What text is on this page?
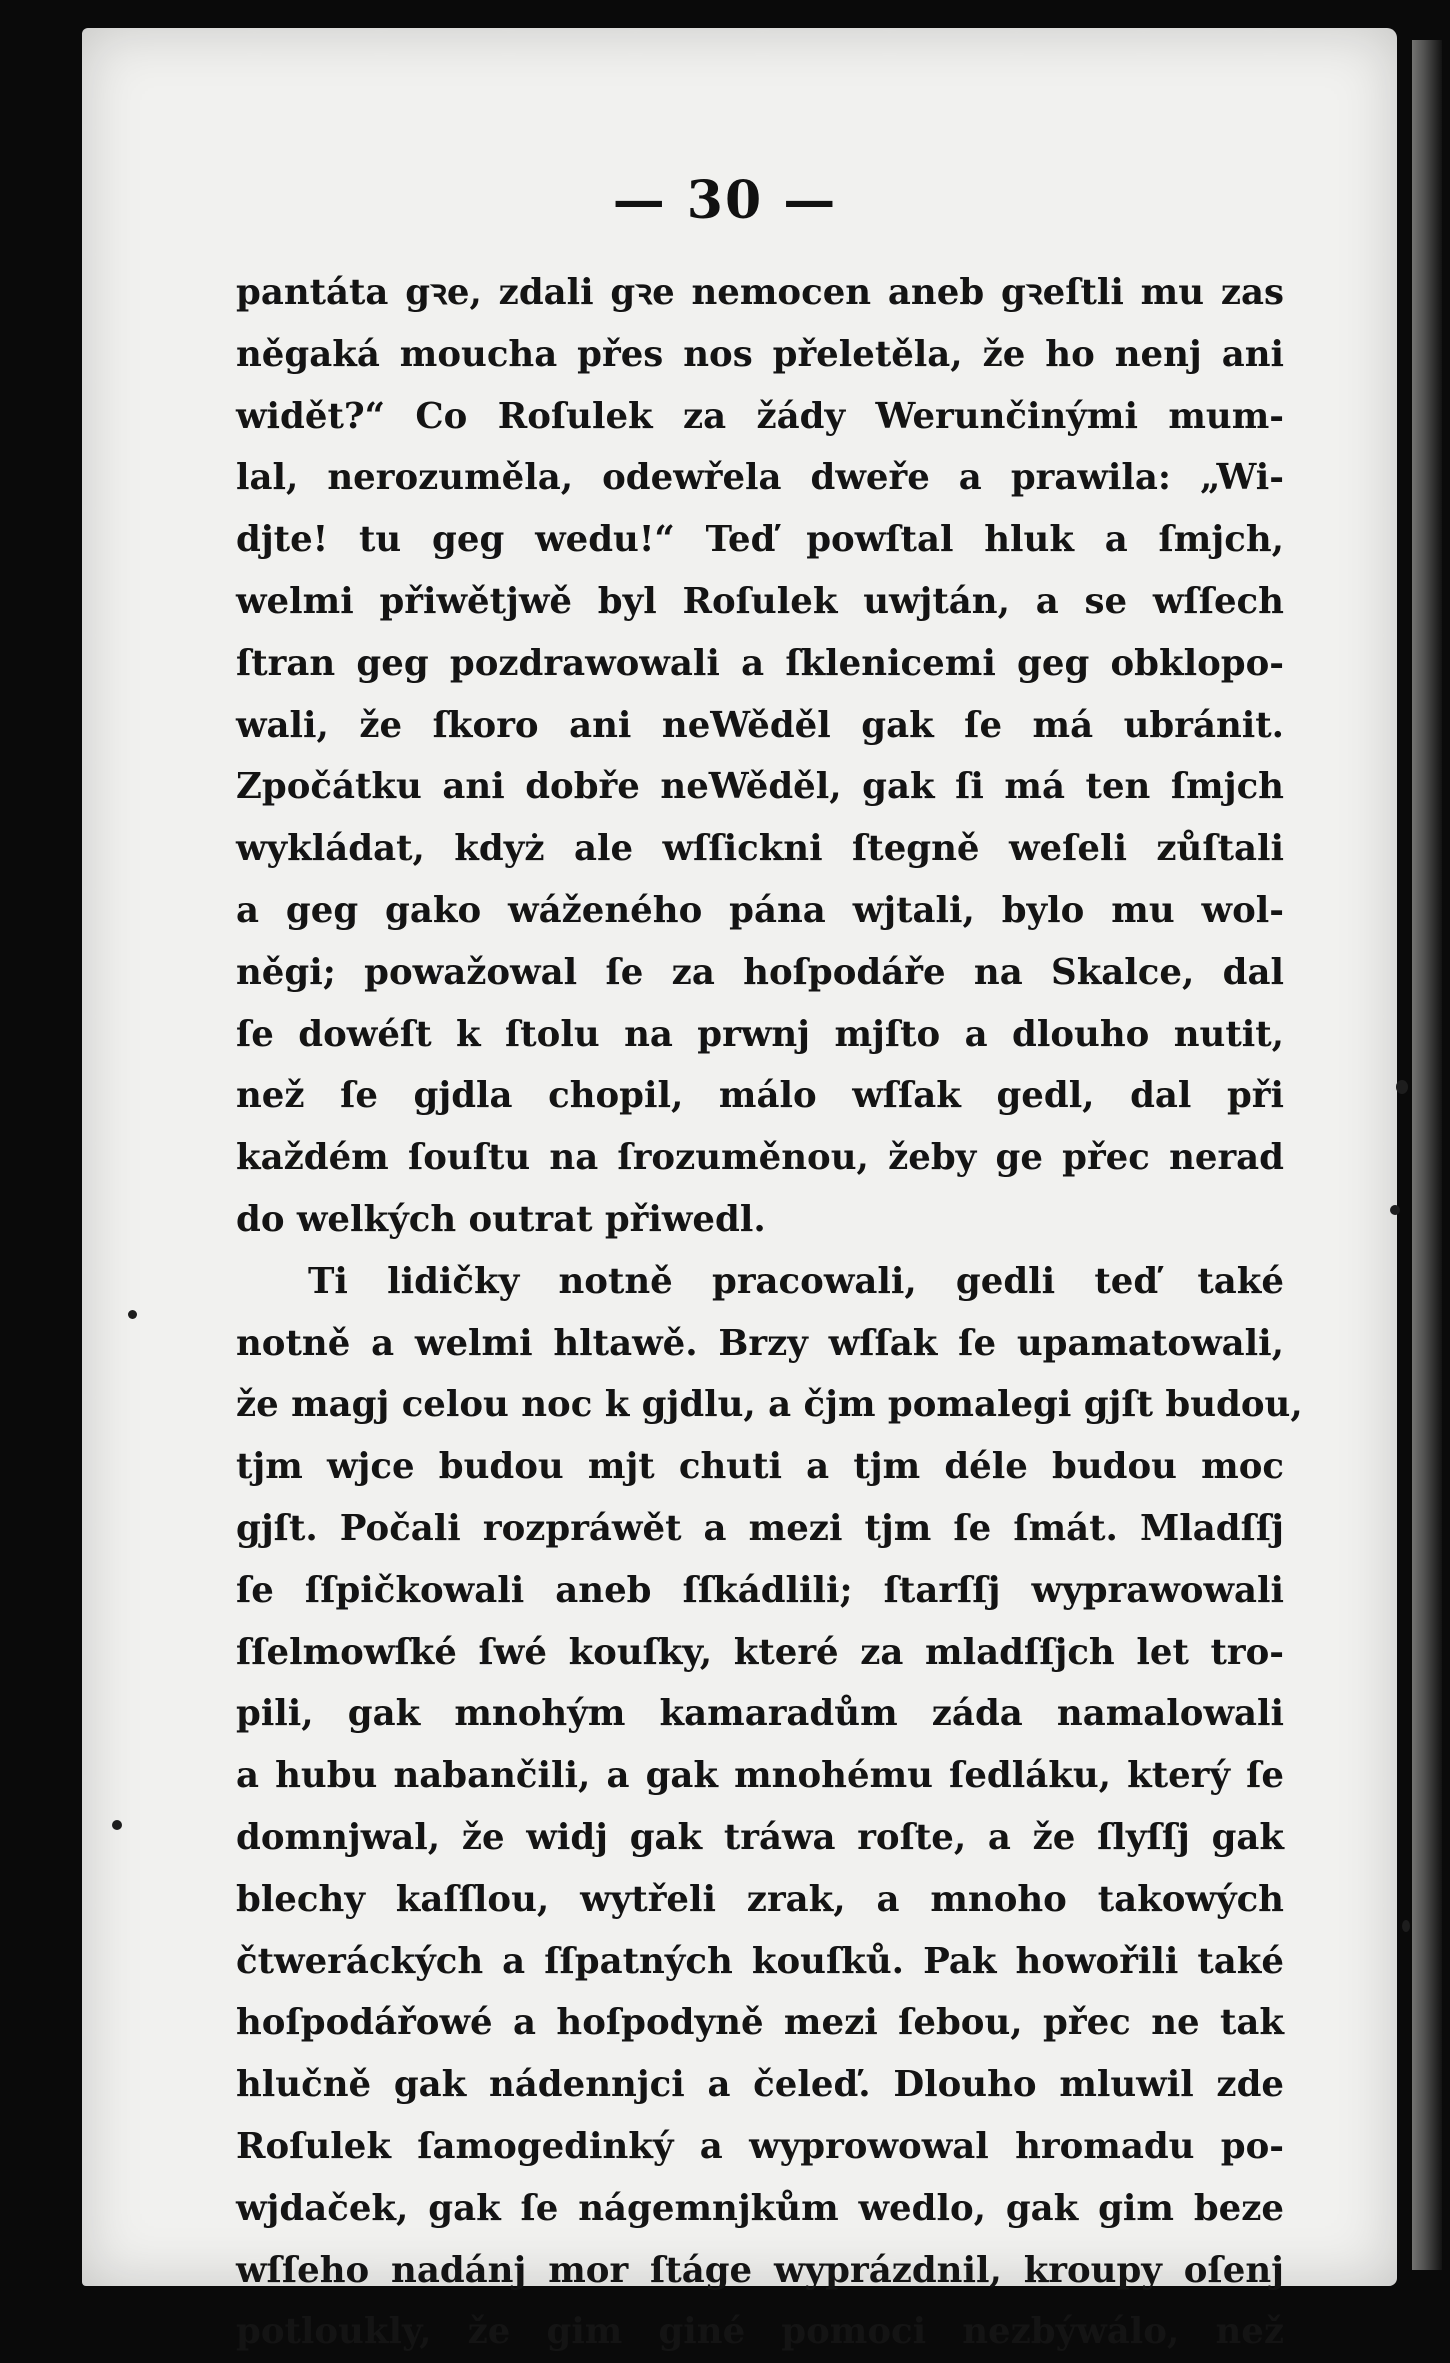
— 30 —
pantáta gꝛe, zdali gꝛe nemocen aneb gꝛeſtli mu zas
něgaká moucha přes nos přeletěla, že ho nenj ani
widět?“ Co Roſulek za žády Werunčinými mum-
lal, nerozuměla, odewřela dweře a prawila: „Wi-
djte! tu geg wedu!“ Teď powſtal hluk a ſmjch,
welmi přiwětjwě byl Roſulek uwjtán, a se wſſech
ſtran geg pozdrawowali a ſklenicemi geg obklopo-
wali, že ſkoro ani neWěděl gak ſe má ubránit.
Zpočátku ani dobře neWěděl, gak ſi má ten ſmjch
wykládat, kdyż ale wſſickni ſtegně weſeli zůſtali
a geg gako wáženého pána wjtali, bylo mu wol-
něgi; powažowal ſe za hoſpodáře na Skalce, dal
ſe dowéſt k ſtolu na prwnj mjſto a dlouho nutit,
než ſe gjdla chopil, málo wſſak gedl, dal při
každém ſouſtu na ſrozuměnou, žeby ge přec nerad
do welkých outrat přiwedl.
Ti lidičky notně pracowali, gedli teď také
notně a welmi hltawě. Brzy wſſak ſe upamatowali,
že magj celou noc k gjdlu, a čjm pomalegi gjſt budou,
tjm wjce budou mjt chuti a tjm déle budou moc
gjſt. Počali rozpráwět a mezi tjm ſe ſmát. Mladſſj
ſe ſſpičkowali aneb ſſkádlili; ſtarſſj wyprawowali
ſſelmowſké ſwé kouſky, které za mladſſjch let tro-
pili, gak mnohým kamaradům záda namalowali
a hubu nabančili, a gak mnohému ſedláku, který ſe
domnjwal, že widj gak tráwa roſte, a že ſlyſſj gak
blechy kaſſlou, wytřeli zrak, a mnoho takowých
čtweráckých a ſſpatných kouſků. Pak howořili také
hoſpodářowé a hoſpodyně mezi ſebou, přec ne tak
hlučně gak nádennjci a čeleď. Dlouho mluwil zde
Roſulek ſamogedinký a wyprowowal hromadu po-
wjdaček, gak ſe nágemnjkům wedlo, gak gim beze
wſſeho nadánj mor ſtáge wyprázdnil, kroupy oſenj
potloukly, že gim giné pomoci nezbýwálo, než
